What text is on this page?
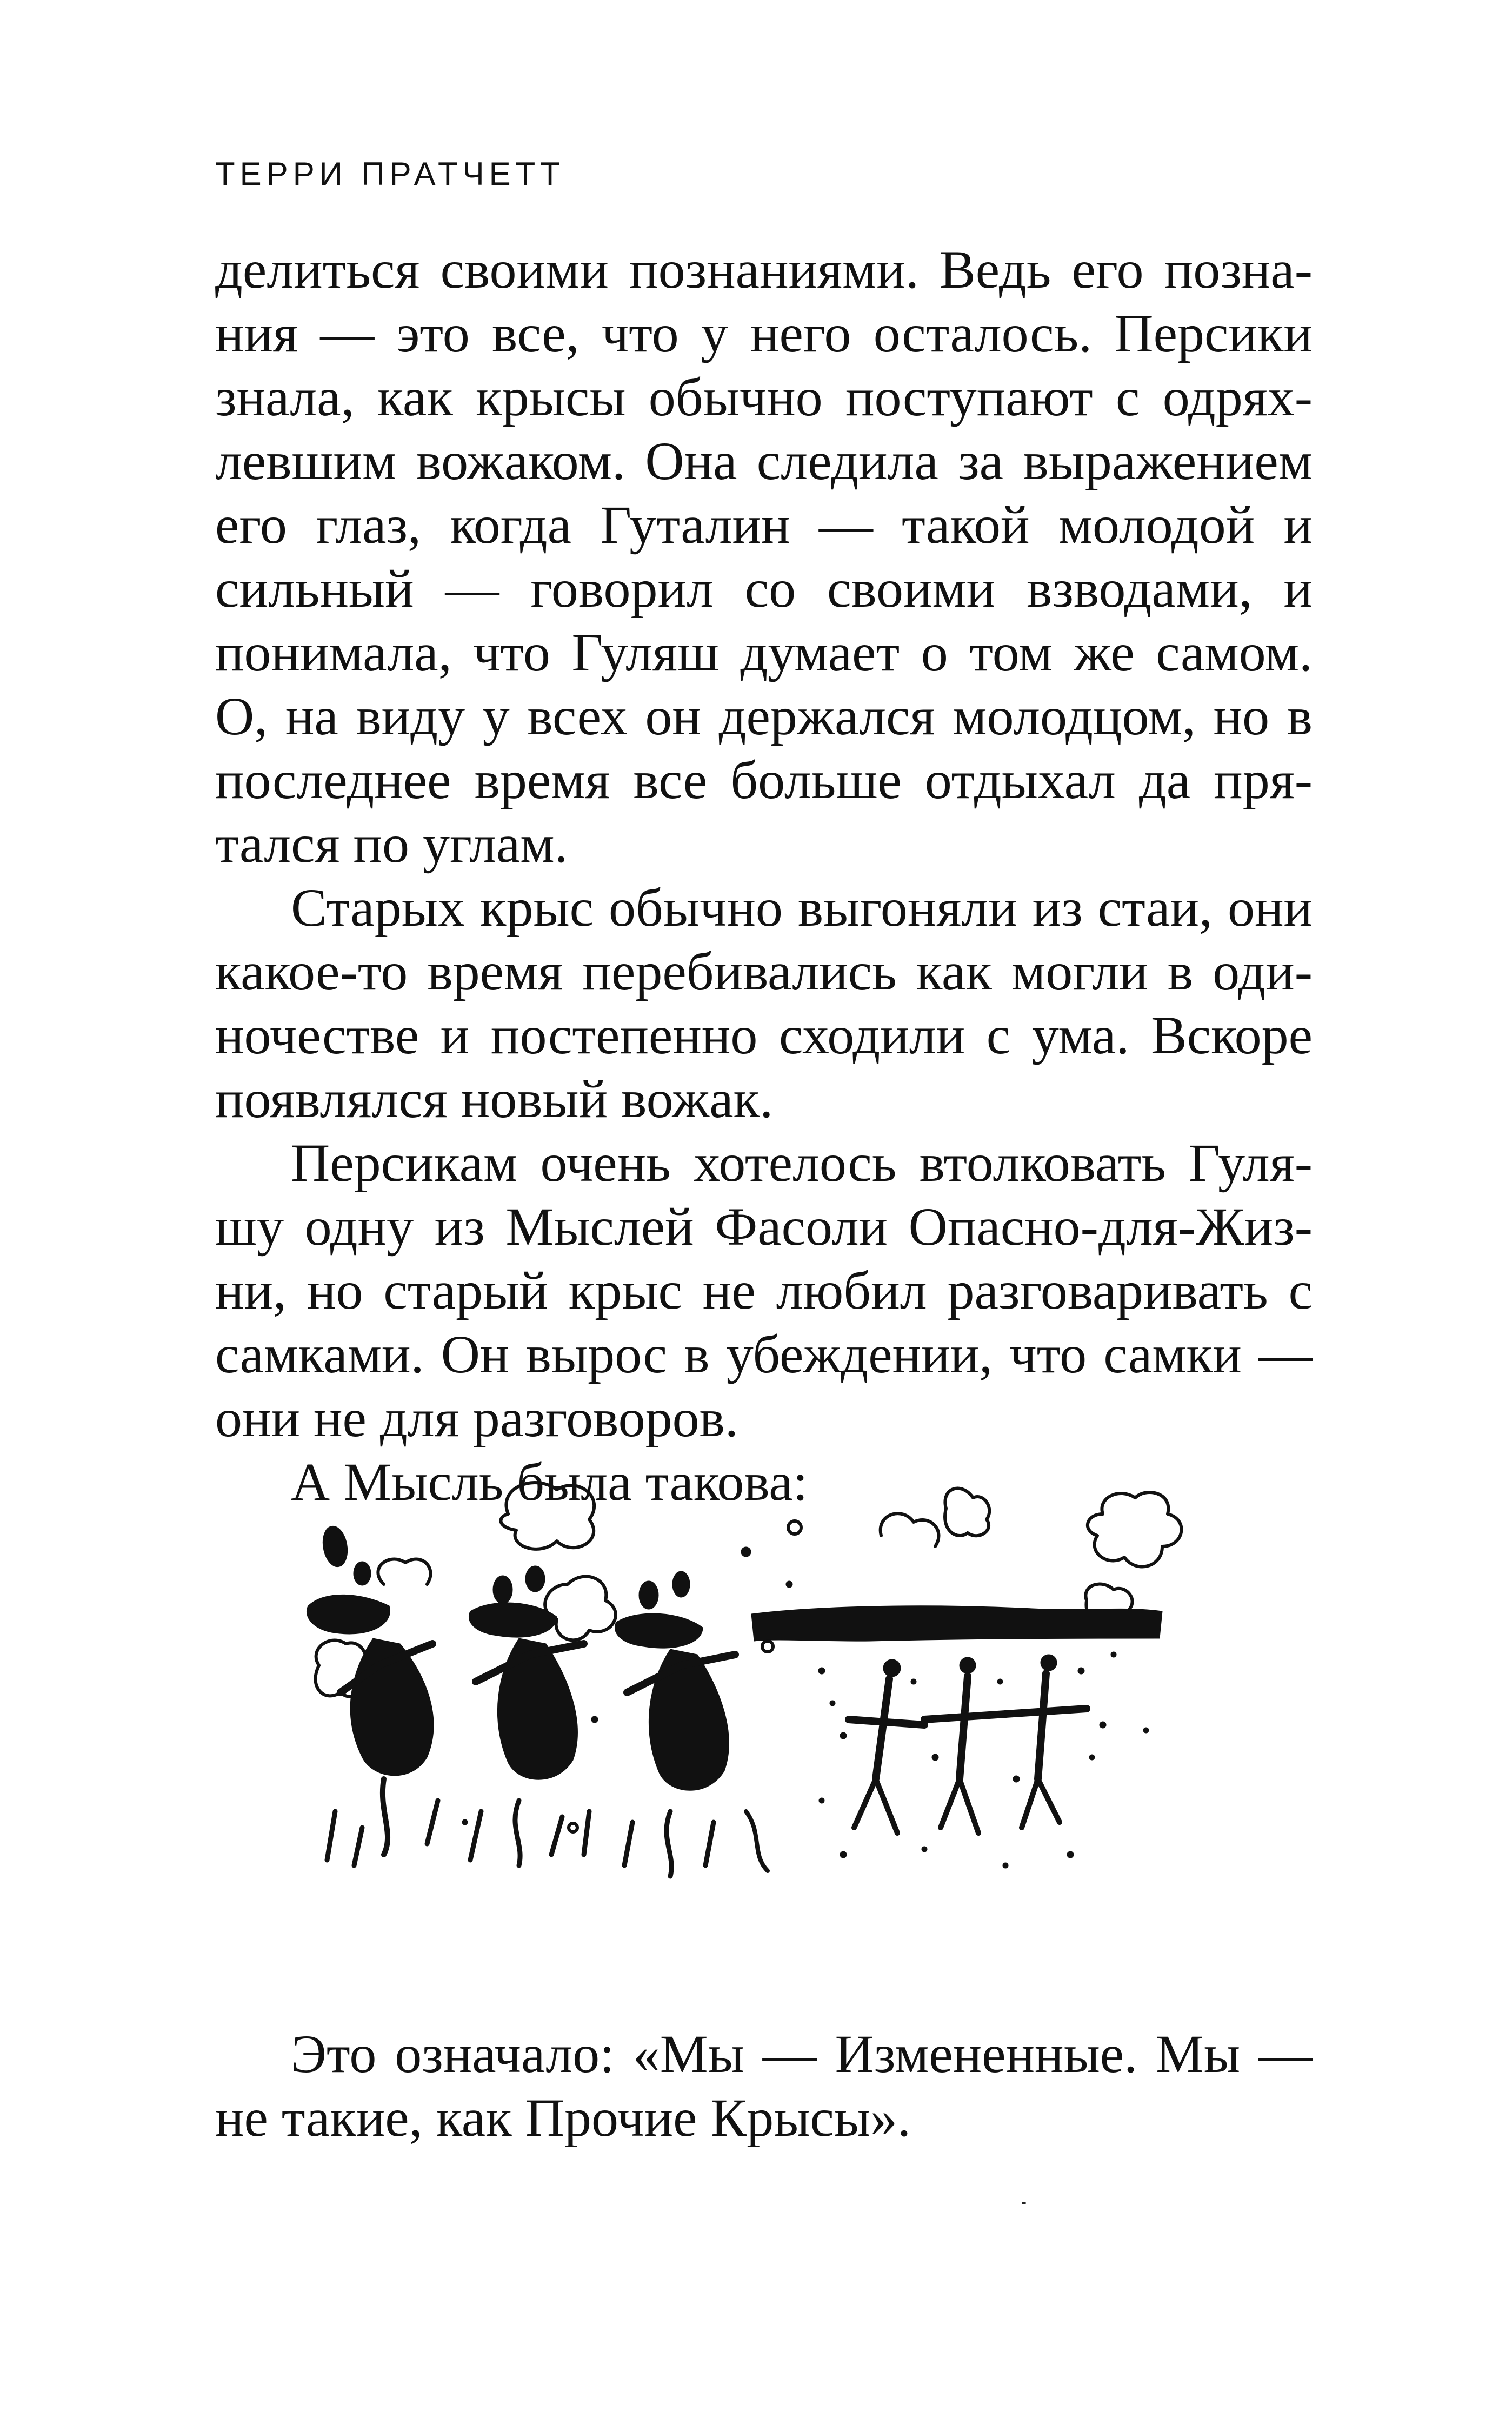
ТЕРРИ ПРАТЧЕТТ

делиться своими познаниями. Ведь его познания — это все, что у него осталось. Персики знала, как крысы обычно поступают с одряхлевшим вожаком. Она следила за выражением его глаз, когда Гуталин — такой молодой и сильный — говорил со своими взводами, и понимала, что Гуляш думает о том же самом. О, на виду у всех он держался молодцом, но в последнее время все больше отдыхал да прятался по углам.

Старых крыс обычно выгоняли из стаи, они какое-то время перебивались как могли в одиночестве и постепенно сходили с ума. Вскоре появлялся новый вожак.

Персикам очень хотелось втолковать Гуляшу одну из Мыслей Фасоли Опасно-для-Жизни, но старый крыс не любил разговаривать с самками. Он вырос в убеждении, что самки — они не для разговоров.

А Мысль была такова:

Это означало: «Мы — Измененные. Мы — не такие, как Прочие Крысы».
